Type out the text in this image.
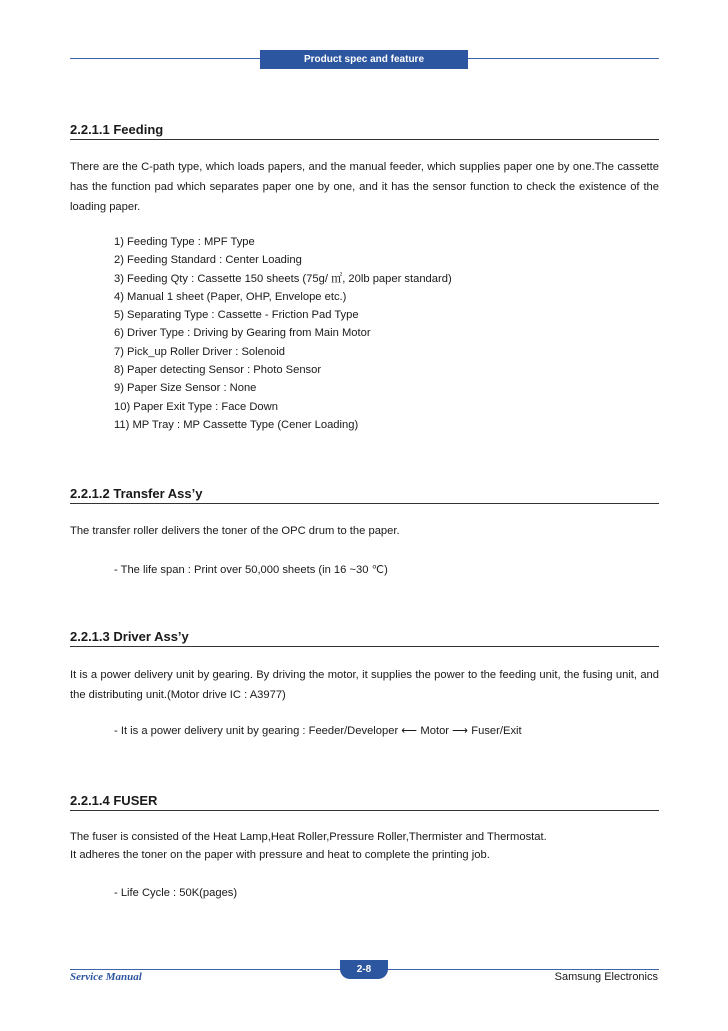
Product spec and feature
2.2.1.1 Feeding

There are the C-path type, which loads papers, and the manual feeder, which supplies paper one by one.The cassette has the function pad which separates paper one by one, and it has the sensor function to check the existence of the loading paper.

1) Feeding Type : MPF Type
2) Feeding Standard : Center Loading
3) Feeding Qty : Cassette 150 sheets (75g/ ㎡, 20lb paper standard)
4) Manual 1 sheet (Paper, OHP, Envelope etc.)
5) Separating Type : Cassette - Friction Pad Type
6) Driver Type : Driving by Gearing from Main Motor
7) Pick_up Roller Driver : Solenoid
8) Paper detecting Sensor : Photo Sensor
9) Paper Size Sensor : None
10) Paper Exit Type : Face Down
11) MP Tray : MP Cassette Type (Cener Loading)
2.2.1.2 Transfer Ass’y

The transfer roller delivers the toner of the OPC drum to the paper.

- The life span : Print over 50,000 sheets (in 16 ~30 ℃)
2.2.1.3 Driver Ass’y

It is a power delivery unit by gearing. By driving the motor, it supplies the power to the feeding unit, the fusing unit, and the distributing unit.(Motor drive IC : A3977)

- It is a power delivery unit by gearing : Feeder/Developer ⟵ Motor ⟶ Fuser/Exit
2.2.1.4 FUSER

The fuser is consisted of the Heat Lamp,Heat Roller,Pressure Roller,Thermister and Thermostat.

It adheres the toner on the paper with pressure and heat to complete the printing job.

- Life Cycle : 50K(pages)
2-8
Service Manual	Samsung Electronics
